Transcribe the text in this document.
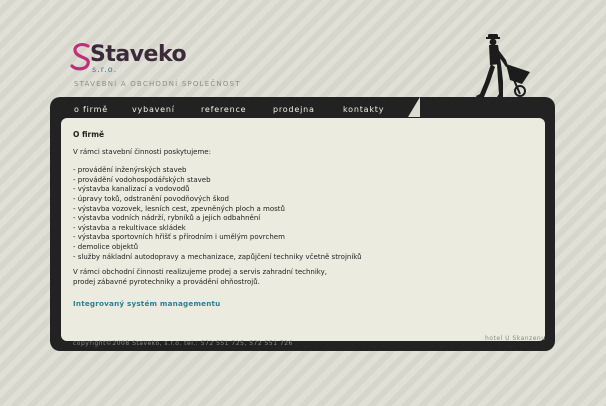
Staveko
s.r.o.
STAVEBNÍ A OBCHODNÍ SPOLEČNOST
o firmě	vybavení	reference	prodejna	kontakty

O firmě

V rámci stavební činnosti poskytujeme:

- provádění inženýrských staveb
- provádění vodohospodářských staveb
- výstavba kanalizací a vodovodů
- úpravy toků, odstranění povodňových škod
- výstavba vozovek, lesních cest, zpevněných ploch a mostů
- výstavba vodních nádrží, rybníků a jejich odbahnění
- výstavba a rekultivace skládek
- výstavba sportovních hřišť s přírodním i umělým povrchem
- demolice objektů
- služby nákladní autodopravy a mechanizace, zapůjčení techniky včetně strojníků
V rámci obchodní činnosti realizujeme prodej a servis zahradní techniky,
prodej zábavné pyrotechniky a provádění ohňostrojů.
Integrovaný systém managementu
copyright©2008 Staveko, s.r.o. tel.: 572 551 725, 572 551 726
hotel U Skanzenu
